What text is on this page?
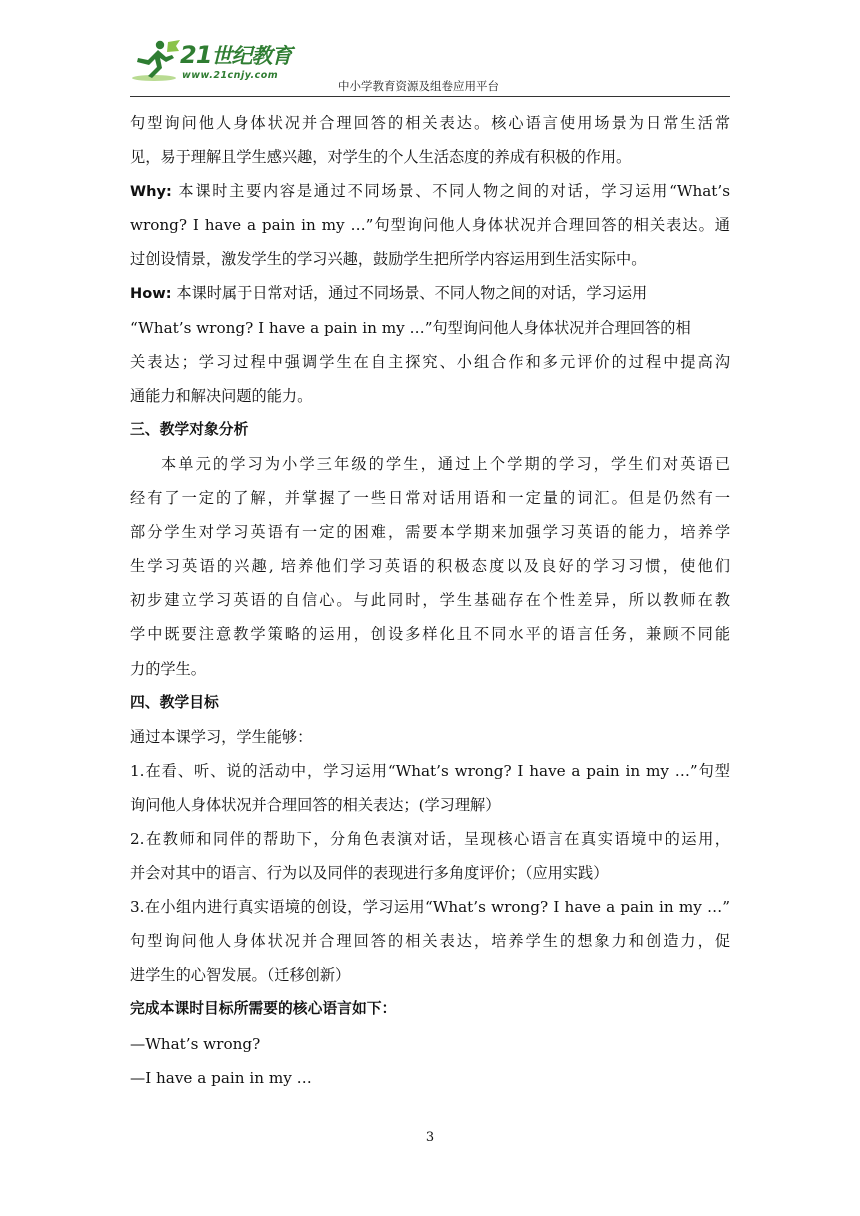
21世纪教育
www.21cnjy.com
中小学教育资源及组卷应用平台
句型询问他人身体状况并合理回答的相关表达。核心语言使用场景为日常生活常
见，易于理解且学生感兴趣，对学生的个人生活态度的养成有积极的作用。
Why: 本课时主要内容是通过不同场景、不同人物之间的对话，学习运用“What’s
wrong? I have a pain in my …”句型询问他人身体状况并合理回答的相关表达。通
过创设情景，激发学生的学习兴趣，鼓励学生把所学内容运用到生活实际中。
How: 本课时属于日常对话，通过不同场景、不同人物之间的对话，学习运用
“What’s wrong? I have a pain in my …”句型询问他人身体状况并合理回答的相
关表达；学习过程中强调学生在自主探究、小组合作和多元评价的过程中提高沟
通能力和解决问题的能力。
三、教学对象分析
本单元的学习为小学三年级的学生，通过上个学期的学习，学生们对英语已
经有了一定的了解，并掌握了一些日常对话用语和一定量的词汇。但是仍然有一
部分学生对学习英语有一定的困难，需要本学期来加强学习英语的能力，培养学
生学习英语的兴趣, 培养他们学习英语的积极态度以及良好的学习习惯，使他们
初步建立学习英语的自信心。与此同时，学生基础存在个性差异，所以教师在教
学中既要注意教学策略的运用，创设多样化且不同水平的语言任务，兼顾不同能
力的学生。
四、教学目标
通过本课学习，学生能够：
1.在看、听、说的活动中，学习运用“What’s wrong? I have a pain in my …”句型
询问他人身体状况并合理回答的相关表达；(学习理解）
2.在教师和同伴的帮助下，分角色表演对话，呈现核心语言在真实语境中的运用，
并会对其中的语言、行为以及同伴的表现进行多角度评价；（应用实践）
3.在小组内进行真实语境的创设，学习运用“What’s wrong? I have a pain in my …”
句型询问他人身体状况并合理回答的相关表达，培养学生的想象力和创造力，促
进学生的心智发展。（迁移创新）
完成本课时目标所需要的核心语言如下：
—What’s wrong?
—I have a pain in my …
3
